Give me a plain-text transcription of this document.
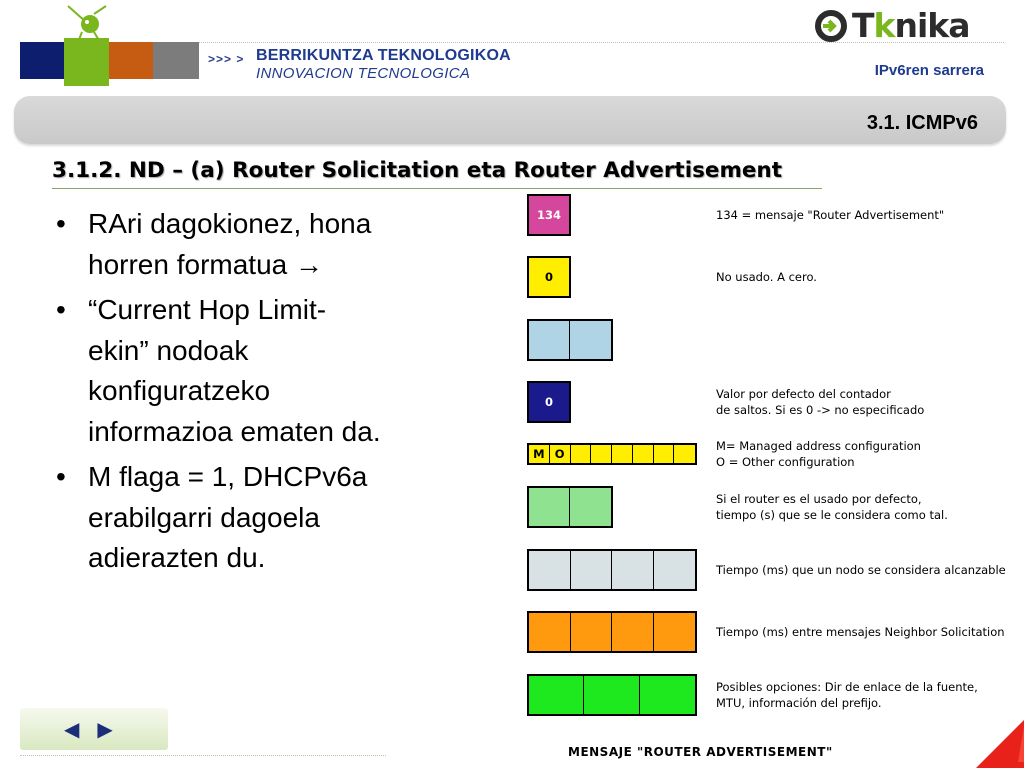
>>> > BERRIKUNTZA TEKNOLOGIKOA
INNOVACION TECNOLOGICA
Tknika
IPv6ren sarrera
3.1. ICMPv6
3.1.2. ND – (a) Router Solicitation eta Router Advertisement
• RAri dagokionez, hona horren formatua →
• “Current Hop Limit-ekin” nodoak konfiguratzeko informazioa ematen da.
• M flaga = 1, DHCPv6a erabilgarri dagoela adierazten du.
134	134 = mensaje "Router Advertisement"
0	No usado. A cero.
0
Valor por defecto del contador
de saltos. Si es 0 -> no especificado
M O
M= Managed address configuration
O = Other configuration
Si el router es el usado por defecto,
tiempo (s) que se le considera como tal.
Tiempo (ms) que un nodo se considera alcanzable
Tiempo (ms) entre mensajes Neighbor Solicitation
Posibles opciones: Dir de enlace de la fuente,
MTU, información del prefijo.
MENSAJE "ROUTER ADVERTISEMENT"
◀ ▶
